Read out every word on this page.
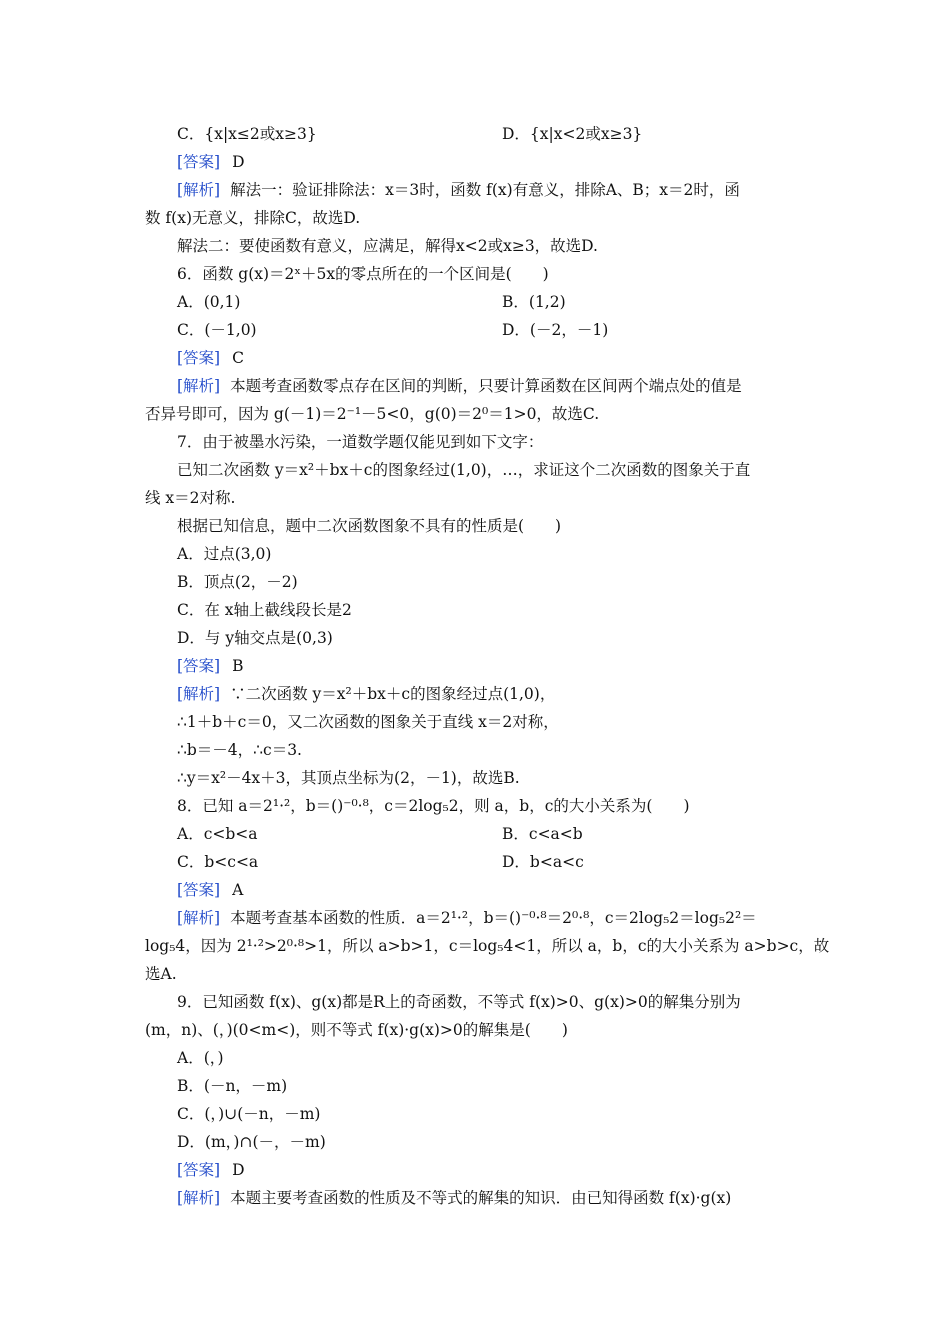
C．{x|x≤2或x≥3}	D．{x|x<2或x≥3}
[答案] D
[解析] 解法一：验证排除法：x＝3时，函数 f(x)有意义，排除A、B；x＝2时，函
数 f(x)无意义，排除C，故选D.
解法二：要使函数有意义，应满足，解得x<2或x≥3，故选D.
6．函数 g(x)＝2ˣ＋5x的零点所在的一个区间是(　　)
A．(0,1)	B．(1,2)
C．(－1,0)	D．(－2，－1)
[答案] C
[解析] 本题考查函数零点存在区间的判断，只要计算函数在区间两个端点处的值是
否异号即可，因为 g(－1)＝2⁻¹－5<0，g(0)＝2⁰＝1>0，故选C.
7．由于被墨水污染，一道数学题仅能见到如下文字：
已知二次函数 y＝x²＋bx＋c的图象经过(1,0)，…，求证这个二次函数的图象关于直
线 x＝2对称.
根据已知信息，题中二次函数图象不具有的性质是(　　)
A．过点(3,0)
B．顶点(2，－2)
C．在 x轴上截线段长是2
D．与 y轴交点是(0,3)
[答案] B
[解析] ∵二次函数 y＝x²＋bx＋c的图象经过点(1,0)，
∴1＋b＋c＝0，又二次函数的图象关于直线 x＝2对称，
∴b＝－4，∴c＝3.
∴y＝x²－4x＋3，其顶点坐标为(2，－1)，故选B.
8．已知 a＝2¹·²，b＝()⁻⁰·⁸，c＝2log₅2，则 a，b，c的大小关系为(　　)
A．c<b<a	B．c<a<b
C．b<c<a	D．b<a<c
[答案] A
[解析] 本题考查基本函数的性质．a＝2¹·²，b＝()⁻⁰·⁸＝2⁰·⁸，c＝2log₅2＝log₅2²＝
log₅4，因为 2¹·²>2⁰·⁸>1，所以 a>b>1，c＝log₅4<1，所以 a，b，c的大小关系为 a>b>c，故
选A.
9．已知函数 f(x)、g(x)都是R上的奇函数，不等式 f(x)>0、g(x)>0的解集分别为
(m，n)、(，)(0<m<)，则不等式 f(x)·g(x)>0的解集是(　　)
A．(，)
B．(－n，－m)
C．(，)∪(－n，－m)
D．(m，)∩(－，－m)
[答案] D
[解析] 本题主要考查函数的性质及不等式的解集的知识．由已知得函数 f(x)·g(x)
